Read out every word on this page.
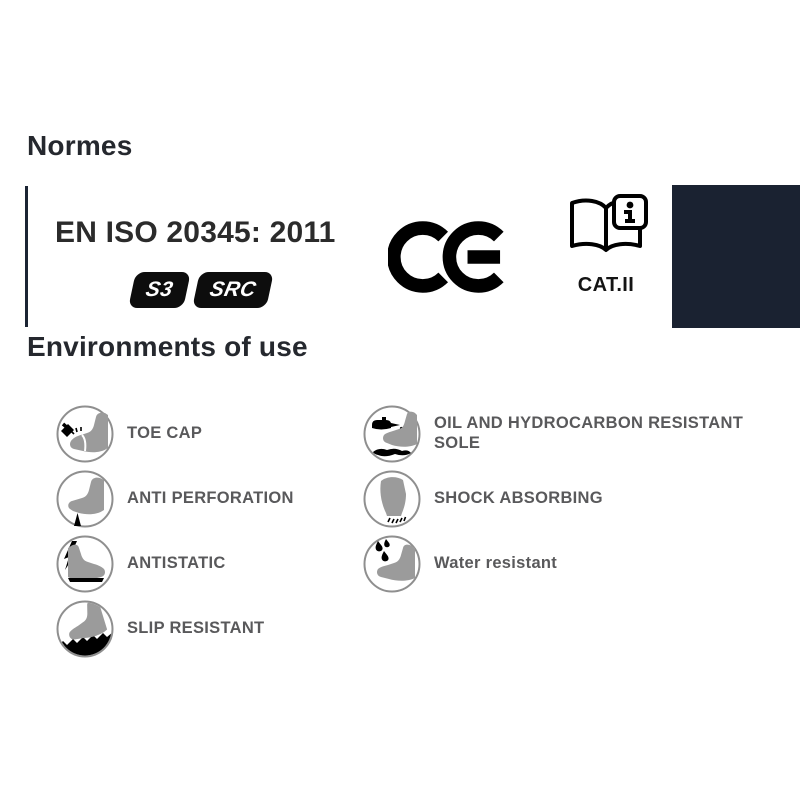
Normes
EN ISO 20345: 2011
S3	SRC	CAT.II
Environments of use
TOE CAP
ANTI PERFORATION
ANTISTATIC
SLIP RESISTANT
OIL AND HYDROCARBON RESISTANT SOLE
SHOCK ABSORBING
Water resistant
